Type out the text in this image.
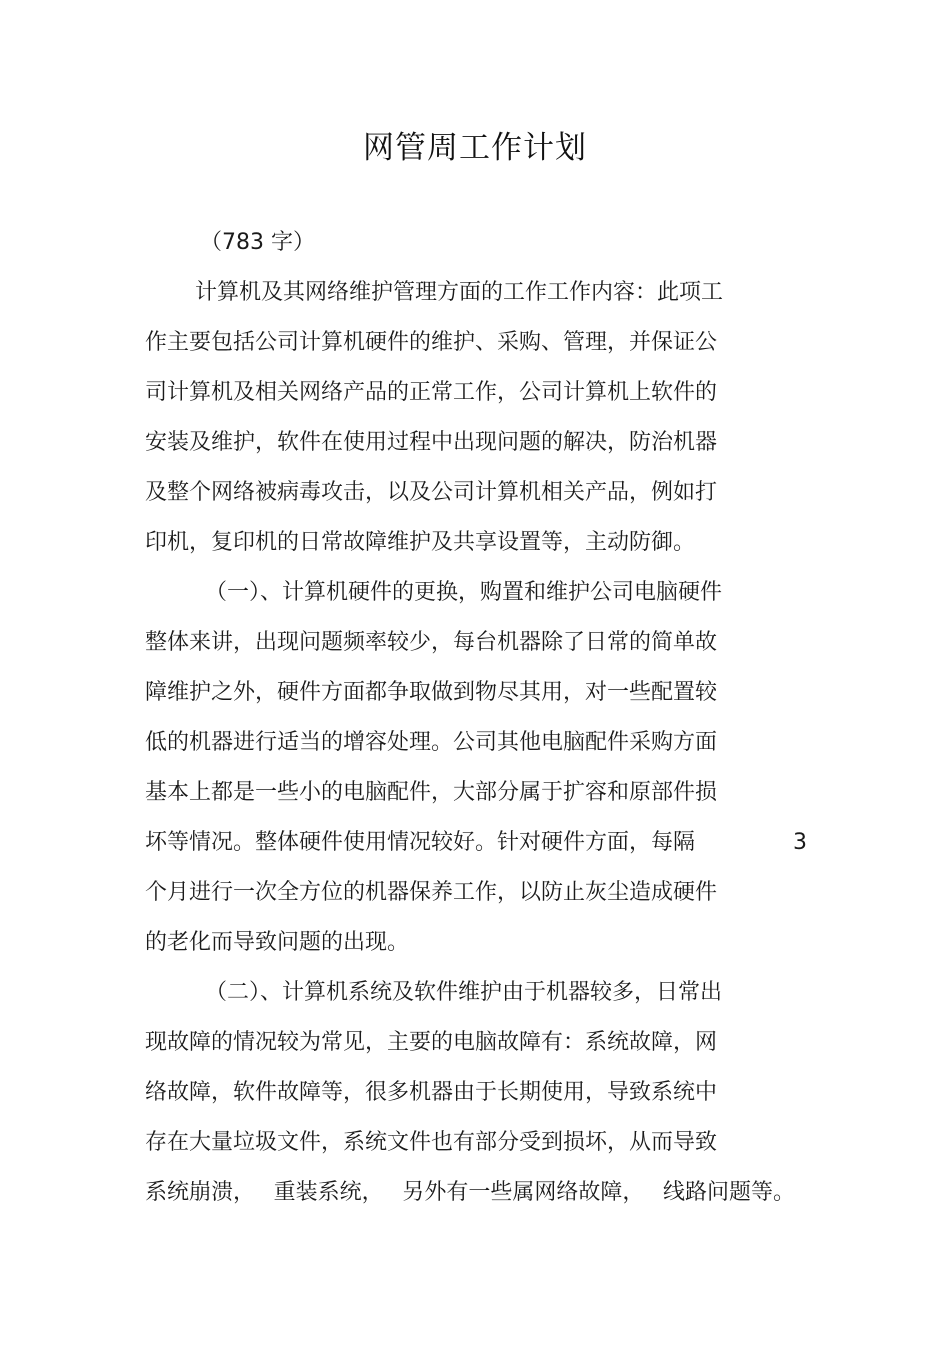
网管周工作计划
（783 字）
计算机及其网络维护管理方面的工作工作内容：此项工
作主要包括公司计算机硬件的维护、采购、管理，并保证公
司计算机及相关网络产品的正常工作，公司计算机上软件的
安装及维护，软件在使用过程中出现问题的解决，防治机器
及整个网络被病毒攻击，以及公司计算机相关产品，例如打
印机，复印机的日常故障维护及共享设置等，主动防御。
（一）、计算机硬件的更换，购置和维护公司电脑硬件
整体来讲，出现问题频率较少，每台机器除了日常的简单故
障维护之外，硬件方面都争取做到物尽其用，对一些配置较
低的机器进行适当的增容处理。公司其他电脑配件采购方面
基本上都是一些小的电脑配件，大部分属于扩容和原部件损
坏等情况。整体硬件使用情况较好。针对硬件方面，每隔	3
个月进行一次全方位的机器保养工作，以防止灰尘造成硬件
的老化而导致问题的出现。
（二）、计算机系统及软件维护由于机器较多，日常出
现故障的情况较为常见，主要的电脑故障有：系统故障，网
络故障，软件故障等，很多机器由于长期使用，导致系统中
存在大量垃圾文件，系统文件也有部分受到损坏，从而导致
系统崩溃， 重装系统， 另外有一些属网络故障， 线路问题等。
